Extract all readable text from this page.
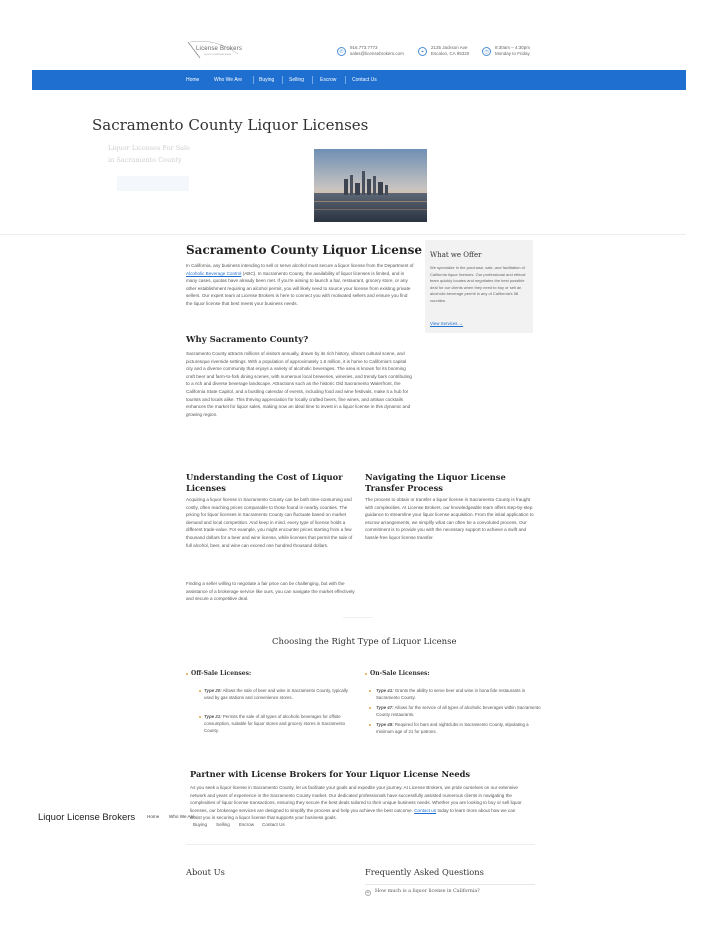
License Brokers
LIQUOR LICENSE BROKERS	✆
916.773.7773
sales@licensebrokers.com	⌖
2135 Jackson Ave
Escalon, CA 95320	◷
8:30am – 4:30pm
Monday to Friday
Home	Who We Are	Buying	Selling	Escrow	Contact Us
Sacramento County Liquor Licenses
Liquor Licenses For Sale
in Sacramento County
Sacramento County Liquor License
In California, any business intending to sell or serve alcohol must secure a liquor license from the Department of Alcoholic Beverage Control (ABC). In Sacramento County, the availability of liquor licenses is limited, and in many cases, quotas have already been met. If you're aiming to launch a bar, restaurant, grocery store, or any other establishment requiring an alcohol permit, you will likely need to source your license from existing private sellers. Our expert team at License Brokers is here to connect you with motivated sellers and ensure you find the liquor license that best meets your business needs.
Why Sacramento County?
Sacramento County attracts millions of visitors annually, drawn by its rich history, vibrant cultural scene, and picturesque riverside settings. With a population of approximately 1.6 million, it is home to California's capital city and a diverse community that enjoys a variety of alcoholic beverages. The area is known for its booming craft beer and farm-to-fork dining scenes, with numerous local breweries, wineries, and trendy bars contributing to a rich and diverse beverage landscape. Attractions such as the historic Old Sacramento Waterfront, the California State Capitol, and a bustling calendar of events, including food and wine festivals, make it a hub for tourists and locals alike. This thriving appreciation for locally crafted beers, fine wines, and artisan cocktails enhances the market for liquor sales, making now an ideal time to invest in a liquor license in this dynamic and growing region.
What we Offer
We specialize in the purchase, sale, and facilitation of California liquor licenses. Our professional and ethical team quickly locates and negotiates the best possible deal for our clients when they need to buy or sell an alcoholic beverage permit in any of California's 58 counties.
View Services →
Understanding the Cost of Liquor Licenses
Acquiring a liquor license in Sacramento County can be both time-consuming and costly, often reaching prices comparable to those found in nearby counties. The pricing for liquor licenses in Sacramento County can fluctuate based on market demand and local competition. And keep in mind, every type of license holds a different trade-value. For example, you might encounter prices starting from a few thousand dollars for a beer and wine license, while licenses that permit the sale of full alcohol, beer, and wine can exceed one hundred thousand dollars.
Finding a seller willing to negotiate a fair price can be challenging, but with the assistance of a brokerage service like ours, you can navigate the market effectively and secure a competitive deal.
Navigating the Liquor License Transfer Process
The process to obtain or transfer a liquor license in Sacramento County is fraught with complexities. At License Brokers, our knowledgeable team offers step-by-step guidance to streamline your liquor license acquisition. From the initial application to escrow arrangements, we simplify what can often be a convoluted process. Our commitment is to provide you with the necessary support to achieve a swift and hassle-free liquor license transfer.
Choosing the Right Type of Liquor License
Off-Sale Licenses:
Type 20: Allows the sale of beer and wine in Sacramento County, typically used by gas stations and convenience stores.
Type 21: Permits the sale of all types of alcoholic beverages for offsite consumption, suitable for liquor stores and grocery stores in Sacramento County.
On-Sale Licenses:
Type 41: Grants the ability to serve beer and wine in bona fide restaurants in Sacramento County.
Type 47: Allows for the service of all types of alcoholic beverages within Sacramento County restaurants.
Type 48: Required for bars and nightclubs in Sacramento County, stipulating a minimum age of 21 for patrons.
Partner with License Brokers for Your Liquor License Needs
As you seek a liquor license in Sacramento County, let us facilitate your goals and expedite your journey. At License Brokers, we pride ourselves on our extensive network and years of experience in the Sacramento County market. Our dedicated professionals have successfully assisted numerous clients in navigating the complexities of liquor license transactions, ensuring they secure the best deals tailored to their unique business needs. Whether you are looking to buy or sell liquor licenses, our brokerage services are designed to simplify the process and help you achieve the best outcome. Contact us today to learn more about how we can assist you in securing a liquor license that supports your business goals.
Liquor License Brokers	Home Who We Are
Buying Selling Escrow Contact Us
About Us	Frequently Asked Questions
+	How much is a liquor license in California?
